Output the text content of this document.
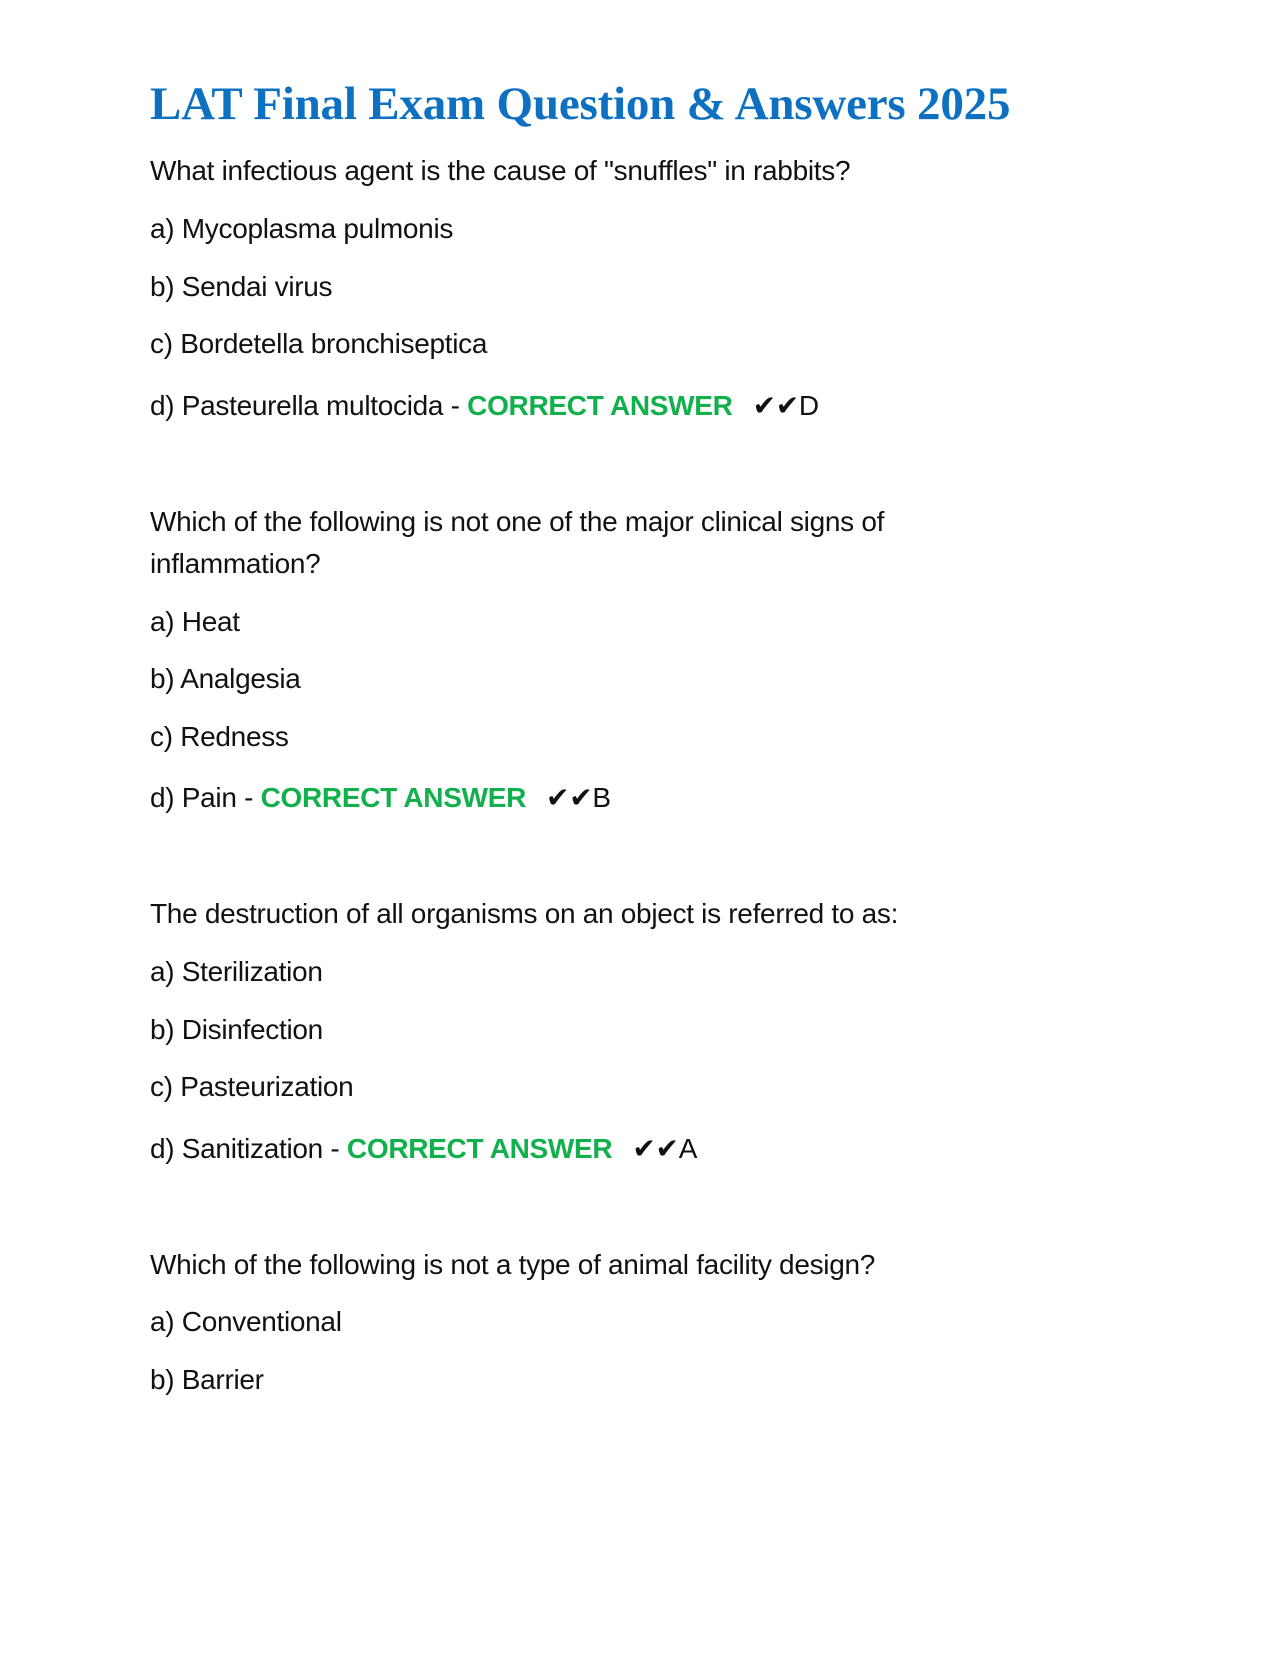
LAT Final Exam Question & Answers 2025

What infectious agent is the cause of "snuffles" in rabbits?

a) Mycoplasma pulmonis

b) Sendai virus

c) Bordetella bronchiseptica

d) Pasteurella multocida - CORRECT ANSWER ✔✔D

Which of the following is not one of the major clinical signs of

inflammation?

a) Heat

b) Analgesia

c) Redness

d) Pain - CORRECT ANSWER ✔✔B

The destruction of all organisms on an object is referred to as:

a) Sterilization

b) Disinfection

c) Pasteurization

d) Sanitization - CORRECT ANSWER ✔✔A

Which of the following is not a type of animal facility design?

a) Conventional

b) Barrier
